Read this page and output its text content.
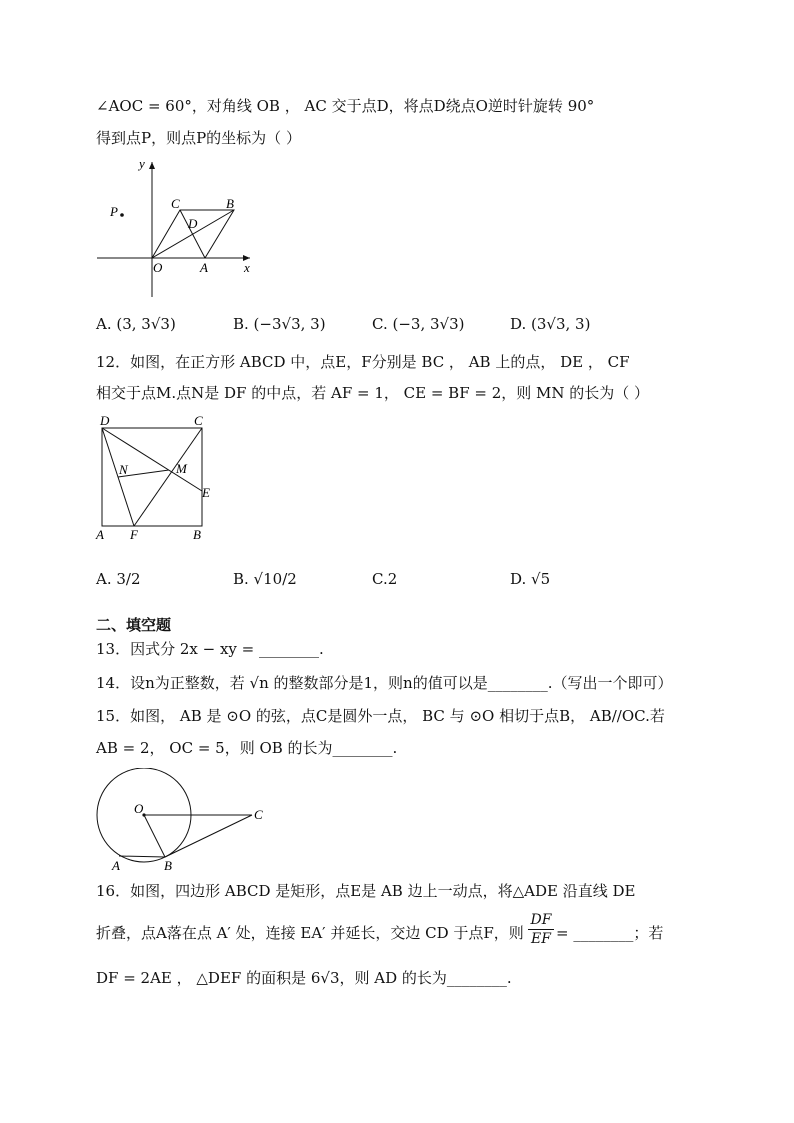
∠AOC = 60°，对角线 OB ， AC 交于点D，将点D绕点O逆时针旋转 90°
得到点P，则点P的坐标为（ ）
y
x
O	A
C	B
D
P
A. (3, 3√3)	B. (−3√3, 3)	C. (−3, 3√3)	D. (3√3, 3)
12．如图，在正方形 ABCD 中，点E，F分别是 BC ， AB 上的点， DE ， CF
相交于点M.点N是 DF 的中点，若 AF = 1， CE = BF = 2，则 MN 的长为（ ）
D	C
A F	B
N	M
E
A. 3/2	B. √10/2	C.2	D. √5
二、填空题
13．因式分 2x − xy = ________.
14．设n为正整数，若 √n 的整数部分是1，则n的值可以是________.（写出一个即可）
15．如图， AB 是 ⊙O 的弦，点C是圆外一点， BC 与 ⊙O 相切于点B， AB//OC.若
AB = 2， OC = 5，则 OB 的长为________.
O	C
A	B
16．如图，四边形 ABCD 是矩形，点E是 AB 边上一动点，将△ADE 沿直线 DE
折叠，点A落在点 A′ 处，连接 EA′ 并延长，交边 CD 于点F，则 $\frac{DF}{EF}$ = ________；若
DF = 2AE ， △DEF 的面积是 6√3，则 AD 的长为________.
